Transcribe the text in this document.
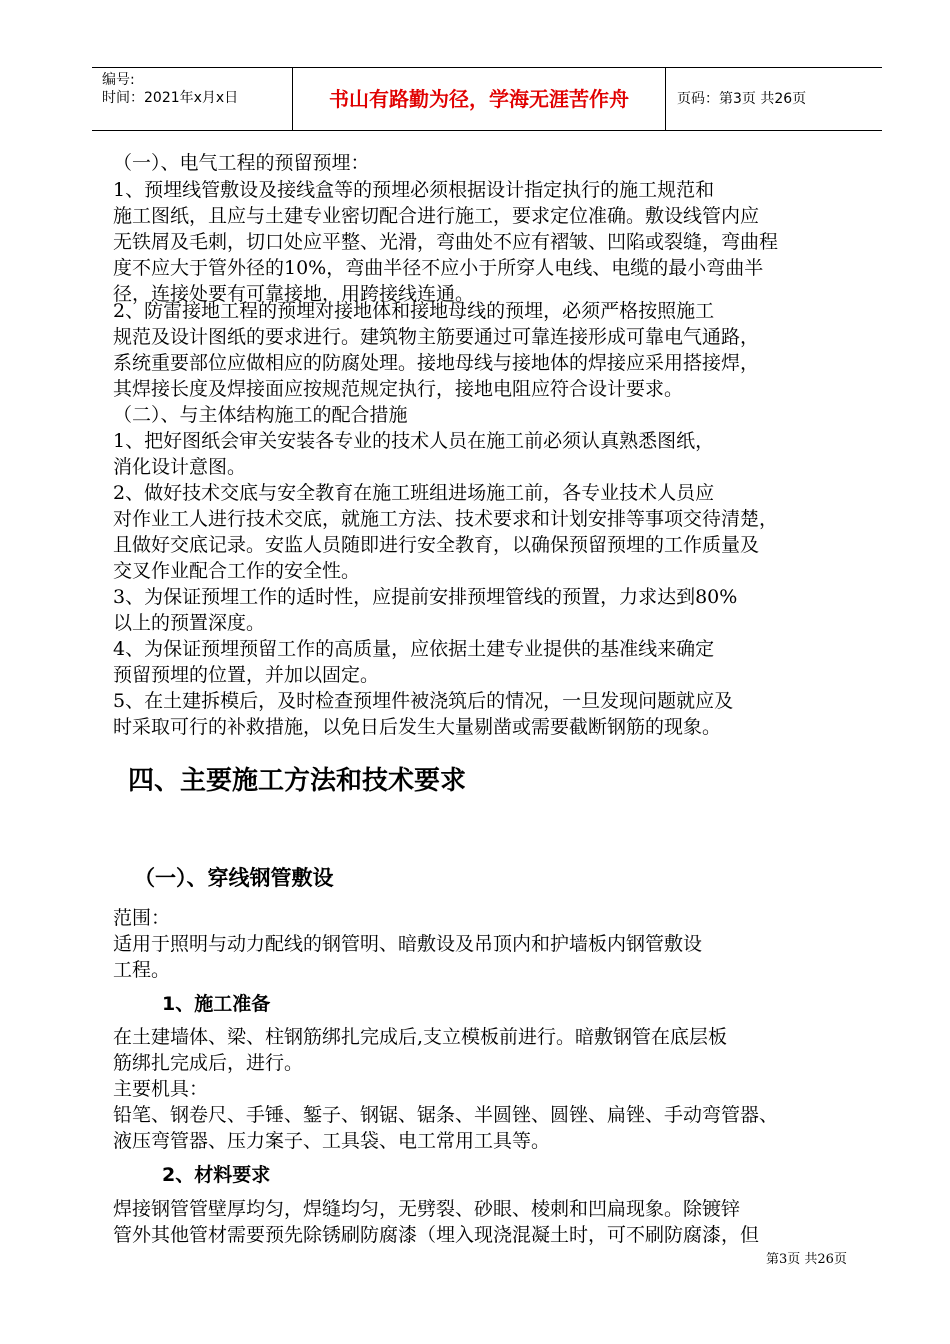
编号:
时间：2021年x月x日	书山有路勤为径，学海无涯苦作舟	页码：第3页 共26页

（一）、电气工程的预留预埋：

1、预埋线管敷设及接线盒等的预埋必须根据设计指定执行的施工规范和

施工图纸，且应与土建专业密切配合进行施工，要求定位准确。敷设线管内应

无铁屑及毛刺，切口处应平整、光滑，弯曲处不应有褶皱、凹陷或裂缝，弯曲程

度不应大于管外径的10%，弯曲半径不应小于所穿人电线、电缆的最小弯曲半

径，连接处要有可靠接地，用跨接线连通。

2、防雷接地工程的预埋对接地体和接地母线的预埋，必须严格按照施工

规范及设计图纸的要求进行。建筑物主筋要通过可靠连接形成可靠电气通路，

系统重要部位应做相应的防腐处理。接地母线与接地体的焊接应采用搭接焊，

其焊接长度及焊接面应按规范规定执行，接地电阻应符合设计要求。

（二）、与主体结构施工的配合措施

1、把好图纸会审关安装各专业的技术人员在施工前必须认真熟悉图纸，

消化设计意图。

2、做好技术交底与安全教育在施工班组进场施工前，各专业技术人员应

对作业工人进行技术交底，就施工方法、技术要求和计划安排等事项交待清楚，

且做好交底记录。安监人员随即进行安全教育，以确保预留预埋的工作质量及

交叉作业配合工作的安全性。

3、为保证预埋工作的适时性，应提前安排预埋管线的预置，力求达到80%

以上的预置深度。

4、为保证预埋预留工作的高质量，应依据土建专业提供的基准线来确定

预留预埋的位置，并加以固定。

5、在土建拆模后，及时检查预埋件被浇筑后的情况，一旦发现问题就应及

时采取可行的补救措施，以免日后发生大量剔凿或需要截断钢筋的现象。

四、主要施工方法和技术要求
（一）、穿线钢管敷设

范围：

适用于照明与动力配线的钢管明、暗敷设及吊顶内和护墙板内钢管敷设

工程。

1、施工准备

在土建墙体、梁、柱钢筋绑扎完成后,支立模板前进行。暗敷钢管在底层板

筋绑扎完成后，进行。

主要机具：

铅笔、钢卷尺、手锤、錾子、钢锯、锯条、半圆锉、圆锉、扁锉、手动弯管器、

液压弯管器、压力案子、工具袋、电工常用工具等。

2、材料要求

焊接钢管管壁厚均匀，焊缝均匀，无劈裂、砂眼、棱刺和凹扁现象。除镀锌

管外其他管材需要预先除锈刷防腐漆（埋入现浇混凝土时，可不刷防腐漆，但

第3页 共26页
